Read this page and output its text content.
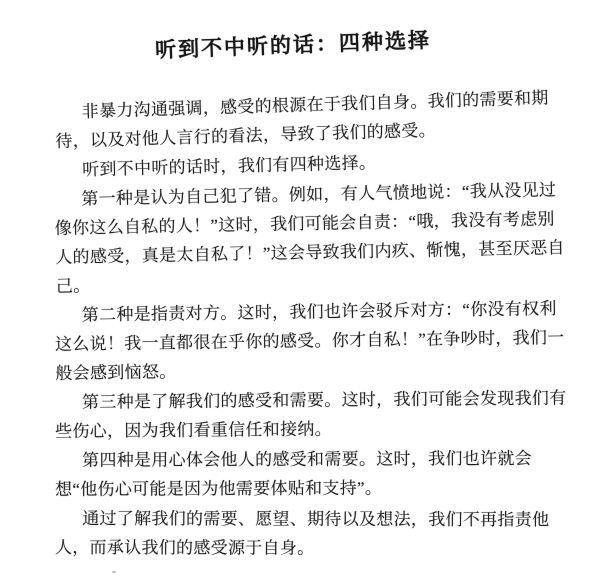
听到不中听的话：四种选择

非暴力沟通强调，感受的根源在于我们自身。我们的需要和期待，以及对他人言行的看法，导致了我们的感受。

听到不中听的话时，我们有四种选择。

第一种是认为自己犯了错。例如，有人气愤地说：“我从没见过像你这么自私的人！”这时，我们可能会自责：“哦，我没有考虑别人的感受，真是太自私了！”这会导致我们内疚、惭愧，甚至厌恶自己。

第二种是指责对方。这时，我们也许会驳斥对方：“你没有权利这么说！我一直都很在乎你的感受。你才自私！”在争吵时，我们一般会感到恼怒。

第三种是了解我们的感受和需要。这时，我们可能会发现我们有些伤心，因为我们看重信任和接纳。

第四种是用心体会他人的感受和需要。这时，我们也许就会想“他伤心可能是因为他需要体贴和支持”。

通过了解我们的需要、愿望、期待以及想法，我们不再指责他人，而承认我们的感受源于自身。
